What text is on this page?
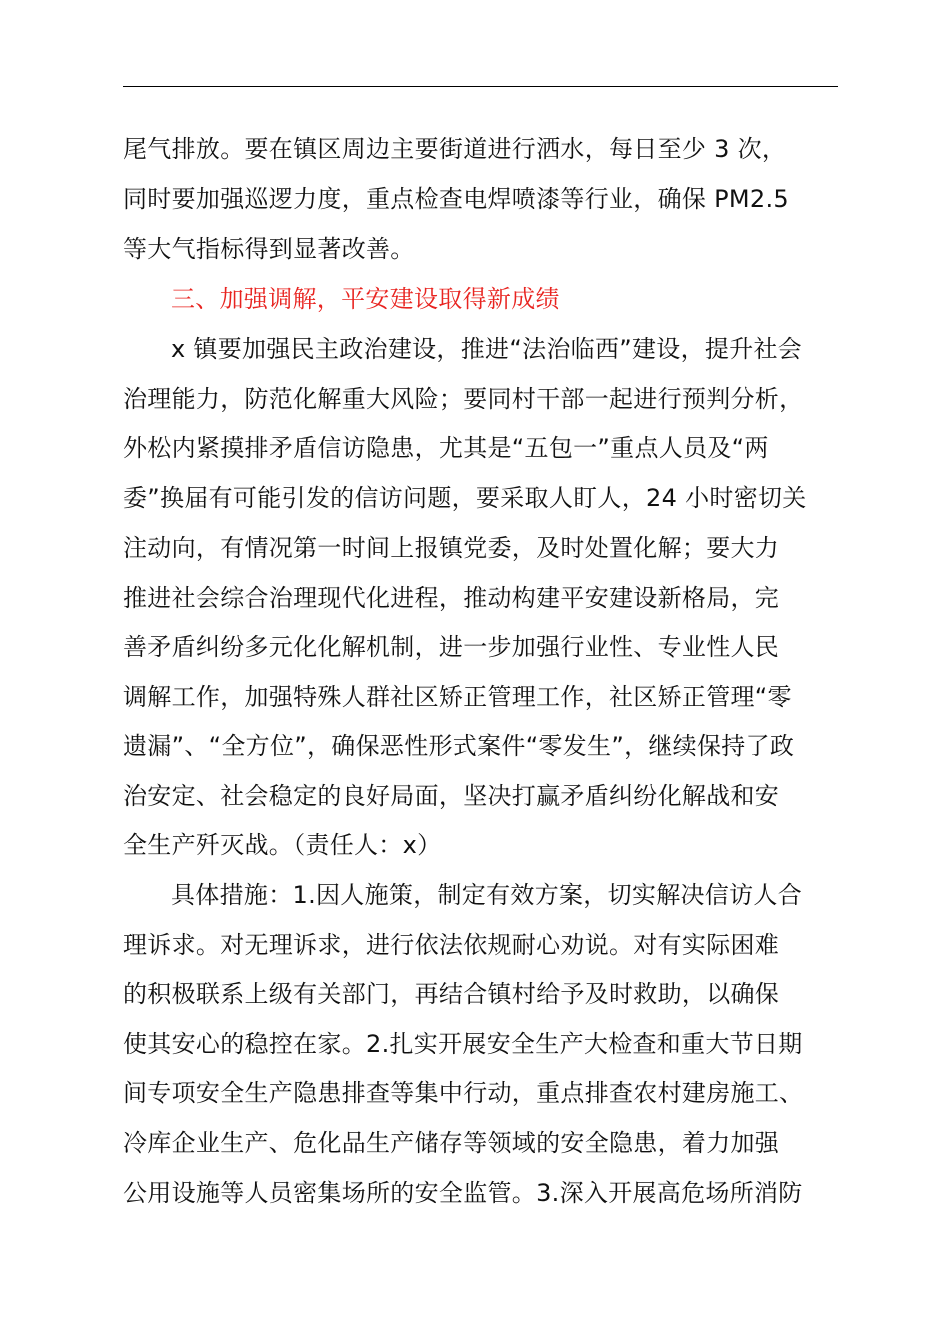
尾气排放。要在镇区周边主要街道进行洒水，每日至少 3 次，
同时要加强巡逻力度，重点检查电焊喷漆等行业，确保 PM2.5
等大气指标得到显著改善。
三、加强调解，平安建设取得新成绩
x 镇要加强民主政治建设，推进“法治临西”建设，提升社会
治理能力，防范化解重大风险；要同村干部一起进行预判分析，
外松内紧摸排矛盾信访隐患，尤其是“五包一”重点人员及“两
委”换届有可能引发的信访问题，要采取人盯人，24 小时密切关
注动向，有情况第一时间上报镇党委，及时处置化解；要大力
推进社会综合治理现代化进程，推动构建平安建设新格局，完
善矛盾纠纷多元化化解机制，进一步加强行业性、专业性人民
调解工作，加强特殊人群社区矫正管理工作，社区矫正管理“零
遗漏”、“全方位”，确保恶性形式案件“零发生”，继续保持了政
治安定、社会稳定的良好局面，坚决打赢矛盾纠纷化解战和安
全生产歼灭战。（责任人：x）
具体措施：1.因人施策，制定有效方案，切实解决信访人合
理诉求。对无理诉求，进行依法依规耐心劝说。对有实际困难
的积极联系上级有关部门，再结合镇村给予及时救助，以确保
使其安心的稳控在家。2.扎实开展安全生产大检查和重大节日期
间专项安全生产隐患排查等集中行动，重点排查农村建房施工、
冷库企业生产、危化品生产储存等领域的安全隐患，着力加强
公用设施等人员密集场所的安全监管。3.深入开展高危场所消防
